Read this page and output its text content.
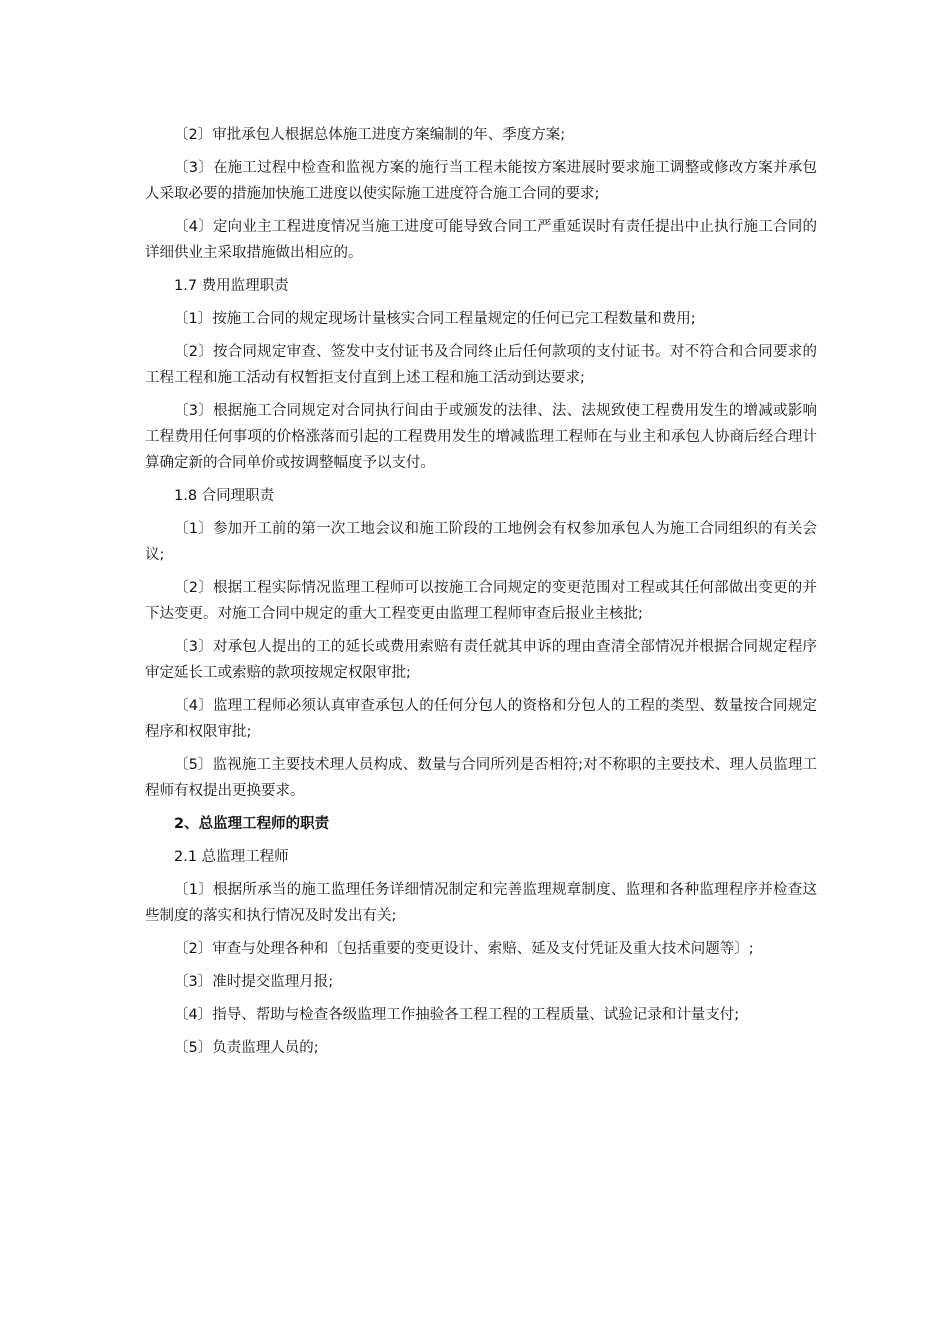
〔2〕审批承包人根据总体施工进度方案编制的年、季度方案;

〔3〕在施工过程中检查和监视方案的施行当工程未能按方案进展时要求施工调整或修改方案并承包人采取必要的措施加快施工进度以使实际施工进度符合施工合同的要求;

〔4〕定向业主工程进度情况当施工进度可能导致合同工严重延误时有责任提出中止执行施工合同的详细供业主采取措施做出相应的。

1.7 费用监理职责

〔1〕按施工合同的规定现场计量核实合同工程量规定的任何已完工程数量和费用;

〔2〕按合同规定审查、签发中支付证书及合同终止后任何款项的支付证书。对不符合和合同要求的工程工程和施工活动有权暂拒支付直到上述工程和施工活动到达要求;

〔3〕根据施工合同规定对合同执行间由于或颁发的法律、法、法规致使工程费用发生的增减或影响工程费用任何事项的价格涨落而引起的工程费用发生的增减监理工程师在与业主和承包人协商后经合理计算确定新的合同单价或按调整幅度予以支付。

1.8 合同理职责

〔1〕参加开工前的第一次工地会议和施工阶段的工地例会有权参加承包人为施工合同组织的有关会议;

〔2〕根据工程实际情况监理工程师可以按施工合同规定的变更范围对工程或其任何部做出变更的并下达变更。对施工合同中规定的重大工程变更由监理工程师审查后报业主核批;

〔3〕对承包人提出的工的延长或费用索赔有责任就其申诉的理由查清全部情况并根据合同规定程序审定延长工或索赔的款项按规定权限审批;

〔4〕监理工程师必须认真审查承包人的任何分包人的资格和分包人的工程的类型、数量按合同规定程序和权限审批;

〔5〕监视施工主要技术理人员构成、数量与合同所列是否相符;对不称职的主要技术、理人员监理工程师有权提出更换要求。

2、总监理工程师的职责

2.1 总监理工程师

〔1〕根据所承当的施工监理任务详细情况制定和完善监理规章制度、监理和各种监理程序并检查这些制度的落实和执行情况及时发出有关;

〔2〕审查与处理各种和〔包括重要的变更设计、索赔、延及支付凭证及重大技术问题等〕;

〔3〕准时提交监理月报;

〔4〕指导、帮助与检查各级监理工作抽验各工程工程的工程质量、试验记录和计量支付;

〔5〕负责监理人员的;
